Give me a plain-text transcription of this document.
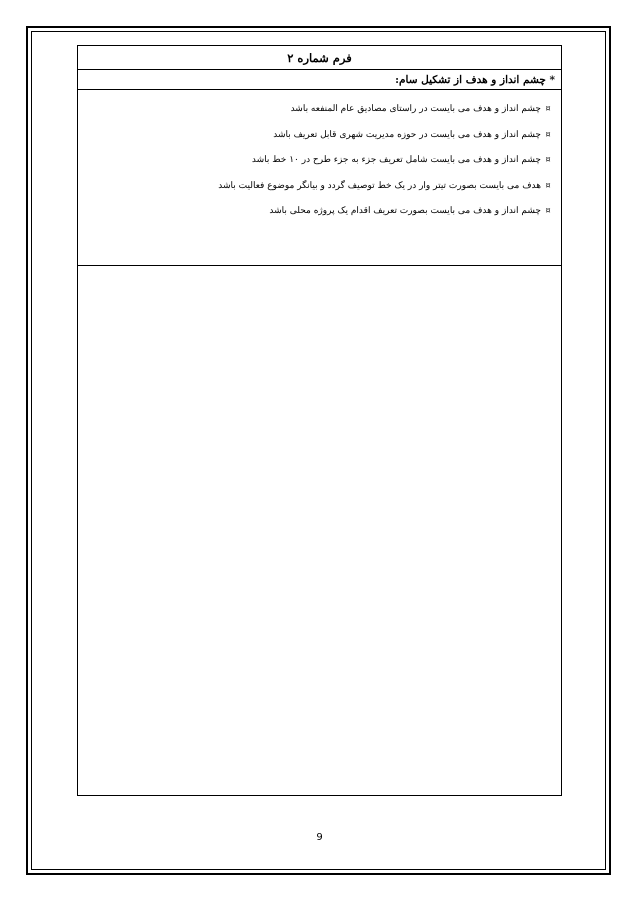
فرم شماره ۲
* چشم انداز و هدف از تشکیل سام:
¤چشم انداز و هدف می بایست در راستای مصادیق عام المنفعه باشد
¤چشم انداز و هدف می بایست در حوزه مدیریت شهری قابل تعریف باشد
¤چشم انداز و هدف می بایست شامل تعریف جزء به جزء طرح در ۱۰ خط باشد
¤هدف می بایست بصورت تیتر وار در یک خط توصیف گردد و بیانگر موضوع فعالیت باشد
¤چشم انداز و هدف می بایست بصورت تعریف اقدام یک پروژه محلی باشد
9
